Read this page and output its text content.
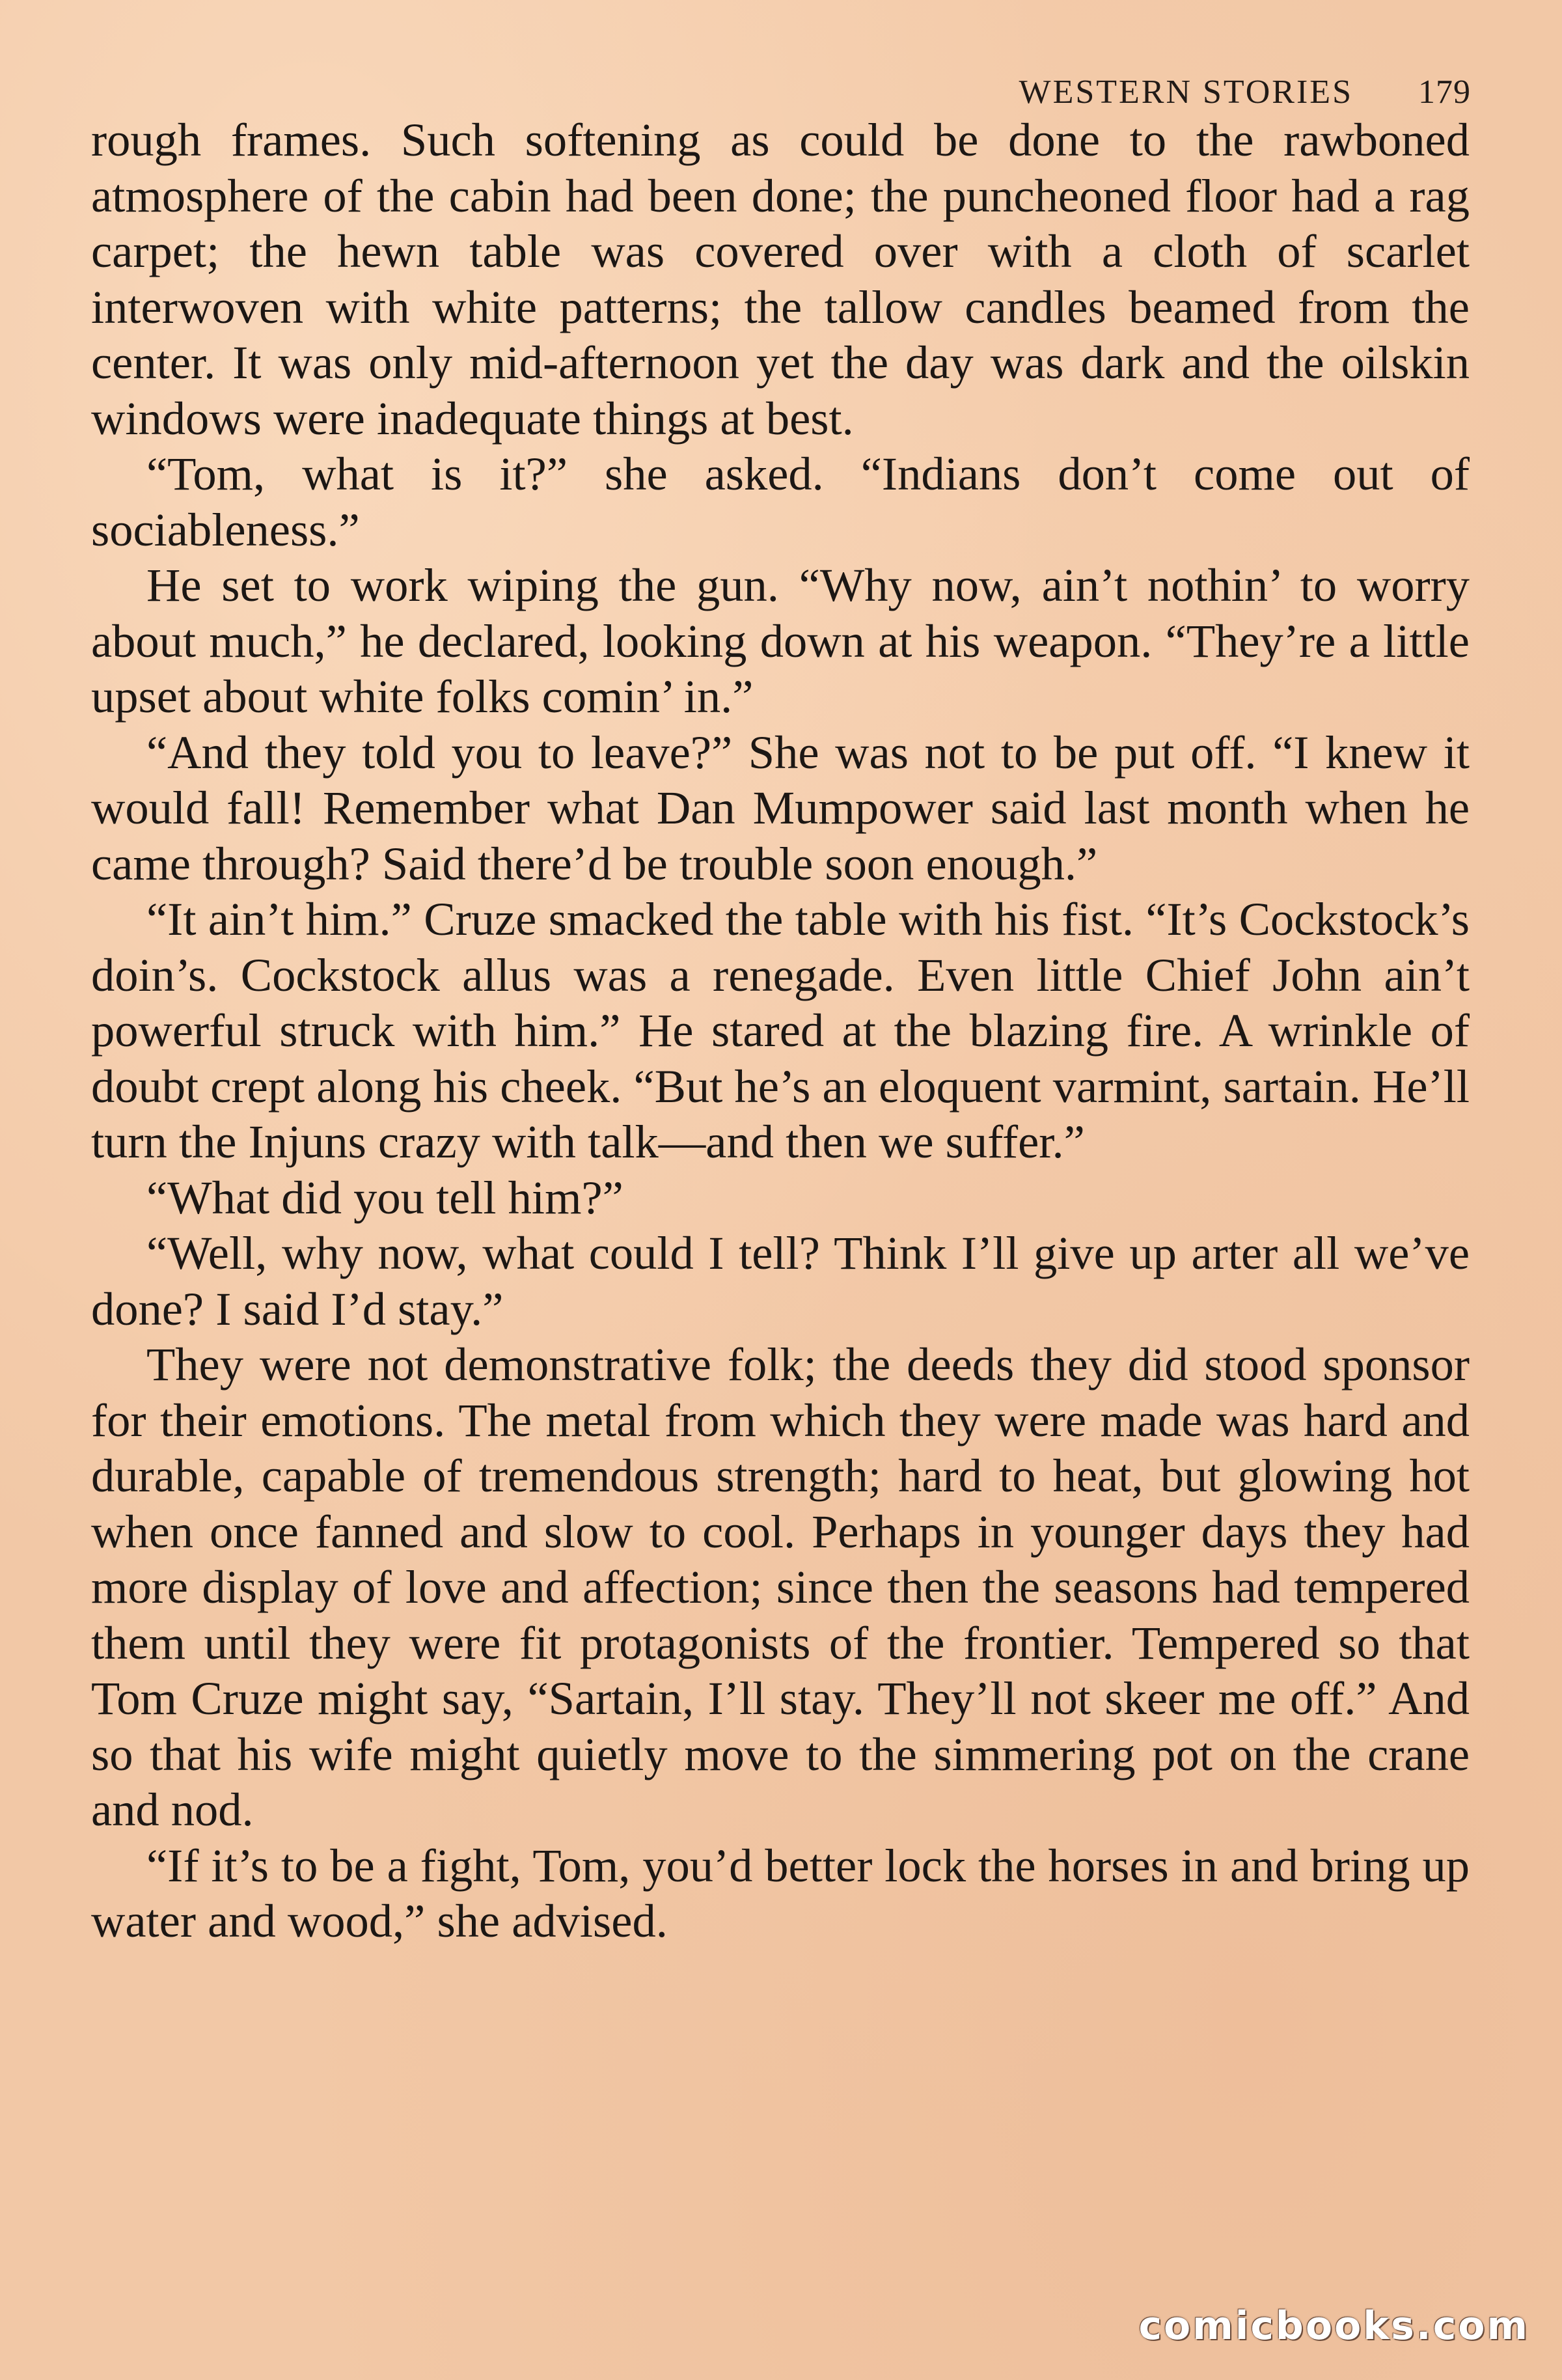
WESTERN STORIES 179

rough frames. Such softening as could be done to the rawboned atmosphere of the cabin had been done; the puncheoned floor had a rag carpet; the hewn table was covered over with a cloth of scarlet interwoven with white patterns; the tallow candles beamed from the center. It was only mid-afternoon yet the day was dark and the oilskin windows were inadequate things at best.

“Tom, what is it?” she asked. “Indians don’t come out of sociableness.”

He set to work wiping the gun. “Why now, ain’t nothin’ to worry about much,” he declared, looking down at his weapon. “They’re a little upset about white folks comin’ in.”

“And they told you to leave?” She was not to be put off. “I knew it would fall! Remember what Dan Mumpower said last month when he came through? Said there’d be trouble soon enough.”

“It ain’t him.” Cruze smacked the table with his fist. “It’s Cockstock’s doin’s. Cockstock allus was a renegade. Even little Chief John ain’t powerful struck with him.” He stared at the blazing fire. A wrinkle of doubt crept along his cheek. “But he’s an eloquent varmint, sartain. He’ll turn the Injuns crazy with talk—and then we suffer.”

“What did you tell him?”

“Well, why now, what could I tell? Think I’ll give up arter all we’ve done? I said I’d stay.”

They were not demonstrative folk; the deeds they did stood sponsor for their emotions. The metal from which they were made was hard and durable, capable of tremendous strength; hard to heat, but glowing hot when once fanned and slow to cool. Perhaps in younger days they had more display of love and affection; since then the seasons had tempered them until they were fit protagonists of the frontier. Tempered so that Tom Cruze might say, “Sartain, I’ll stay. They’ll not skeer me off.” And so that his wife might quietly move to the simmering pot on the crane and nod.

“If it’s to be a fight, Tom, you’d better lock the horses in and bring up water and wood,” she advised.

comicbooks.com
